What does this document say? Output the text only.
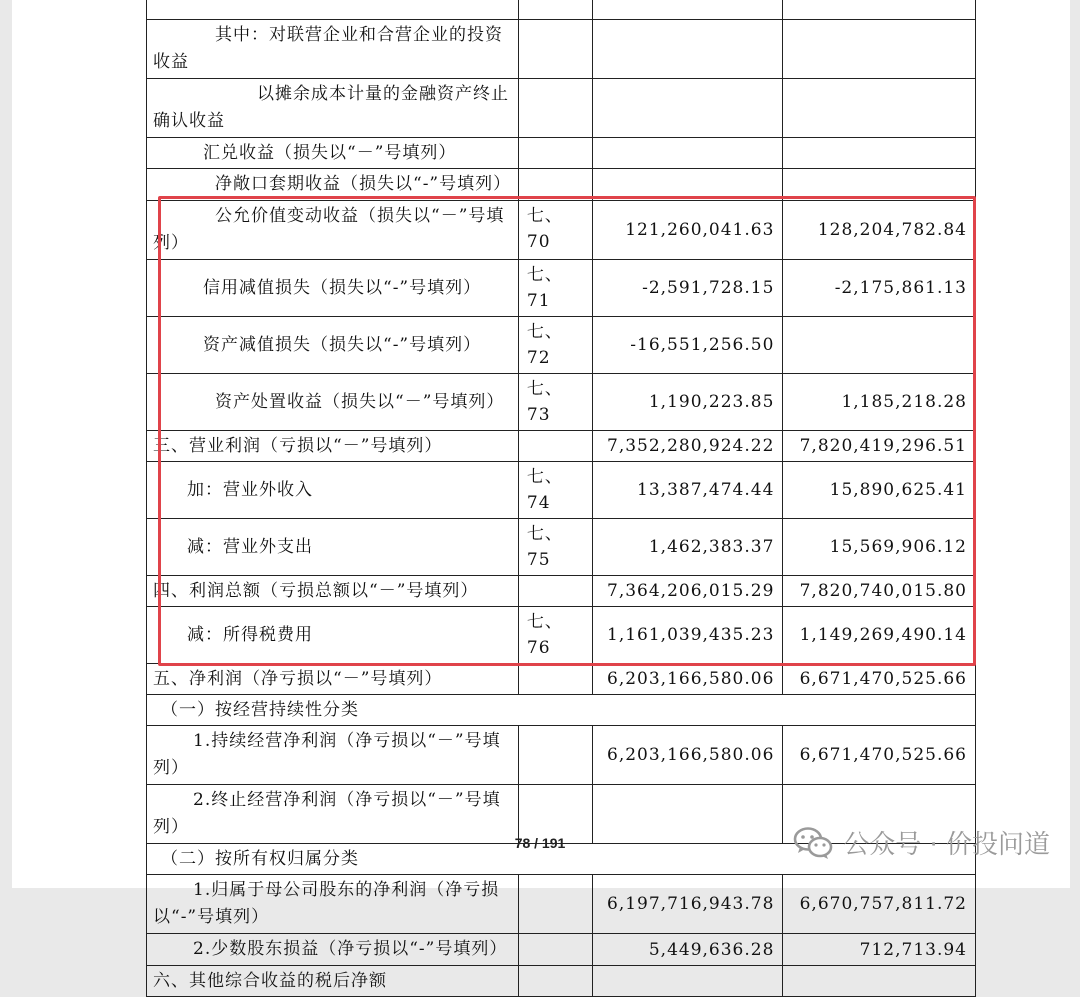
其中：对联营企业和合营企业的投资收益			
以摊余成本计量的金融资产终止确认收益			
汇兑收益（损失以“－”号填列）			
净敞口套期收益（损失以“-”号填列）			
公允价值变动收益（损失以“－”号填列）	七、70	121,260,041.63	128,204,782.84
信用减值损失（损失以“-”号填列）	七、71	-2,591,728.15	-2,175,861.13
资产减值损失（损失以“-”号填列）	七、72	-16,551,256.50	
资产处置收益（损失以“－”号填列）	七、73	1,190,223.85	1,185,218.28
三、营业利润（亏损以“－”号填列）		7,352,280,924.22	7,820,419,296.51
加：营业外收入	七、74	13,387,474.44	15,890,625.41
减：营业外支出	七、75	1,462,383.37	15,569,906.12
四、利润总额（亏损总额以“－”号填列）		7,364,206,015.29	7,820,740,015.80
减：所得税费用	七、76	1,161,039,435.23	1,149,269,490.14
五、净利润（净亏损以“－”号填列）		6,203,166,580.06	6,671,470,525.66
（一）按经营持续性分类			
1.持续经营净利润（净亏损以“－”号填列）		6,203,166,580.06	6,671,470,525.66
2.终止经营净利润（净亏损以“－”号填列）			
（二）按所有权归属分类			
1.归属于母公司股东的净利润（净亏损以“-”号填列）		6,197,716,943.78	6,670,757,811.72
2.少数股东损益（净亏损以“-”号填列）		5,449,636.28	712,713.94
六、其他综合收益的税后净额			
78 / 191	公众号 · 价投问道
